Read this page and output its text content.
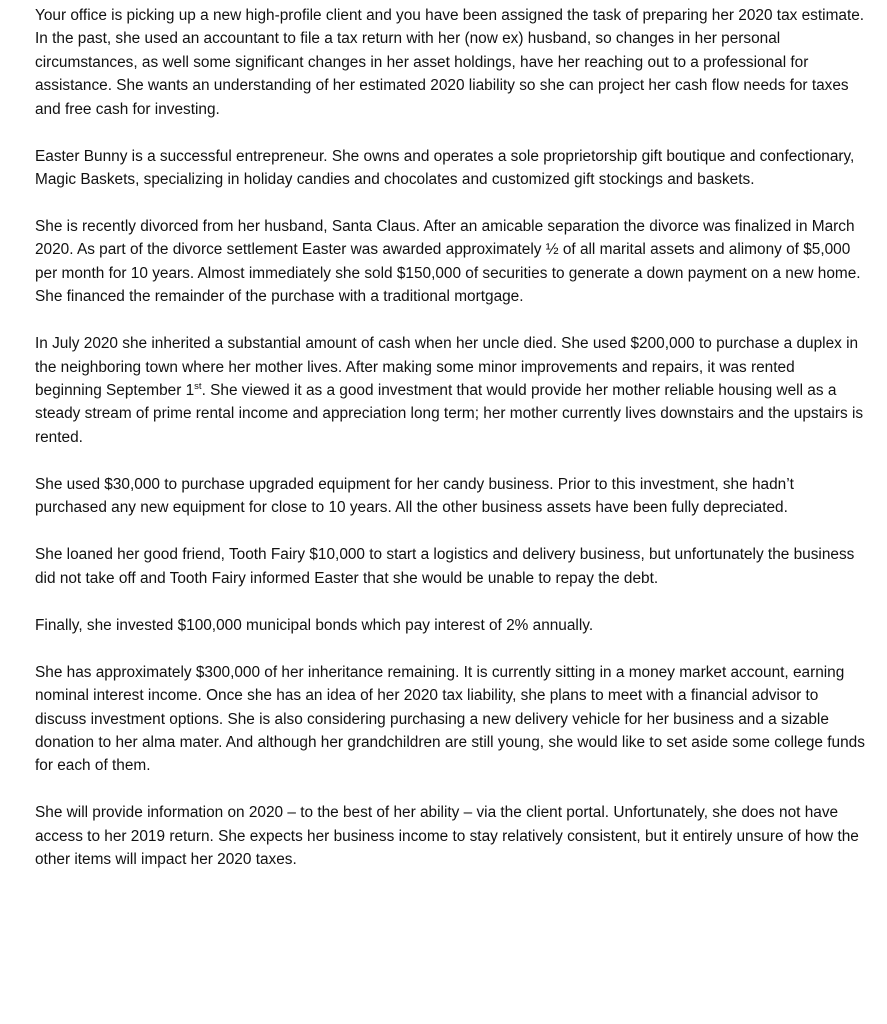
Your office is picking up a new high-profile client and you have been assigned the task of preparing her 2020 tax estimate. In the past, she used an accountant to file a tax return with her (now ex) husband, so changes in her personal circumstances, as well some significant changes in her asset holdings, have her reaching out to a professional for assistance. She wants an understanding of her estimated 2020 liability so she can project her cash flow needs for taxes and free cash for investing.

Easter Bunny is a successful entrepreneur. She owns and operates a sole proprietorship gift boutique and confectionary, Magic Baskets, specializing in holiday candies and chocolates and customized gift stockings and baskets.

She is recently divorced from her husband, Santa Claus. After an amicable separation the divorce was finalized in March 2020. As part of the divorce settlement Easter was awarded approximately ½ of all marital assets and alimony of $5,000 per month for 10 years. Almost immediately she sold $150,000 of securities to generate a down payment on a new home. She financed the remainder of the purchase with a traditional mortgage.

In July 2020 she inherited a substantial amount of cash when her uncle died. She used $200,000 to purchase a duplex in the neighboring town where her mother lives. After making some minor improvements and repairs, it was rented beginning September 1st. She viewed it as a good investment that would provide her mother reliable housing well as a steady stream of prime rental income and appreciation long term; her mother currently lives downstairs and the upstairs is rented.

She used $30,000 to purchase upgraded equipment for her candy business. Prior to this investment, she hadn’t purchased any new equipment for close to 10 years. All the other business assets have been fully depreciated.

She loaned her good friend, Tooth Fairy $10,000 to start a logistics and delivery business, but unfortunately the business did not take off and Tooth Fairy informed Easter that she would be unable to repay the debt.

Finally, she invested $100,000 municipal bonds which pay interest of 2% annually.

She has approximately $300,000 of her inheritance remaining. It is currently sitting in a money market account, earning nominal interest income. Once she has an idea of her 2020 tax liability, she plans to meet with a financial advisor to discuss investment options. She is also considering purchasing a new delivery vehicle for her business and a sizable donation to her alma mater. And although her grandchildren are still young, she would like to set aside some college funds for each of them.

She will provide information on 2020 – to the best of her ability – via the client portal. Unfortunately, she does not have access to her 2019 return. She expects her business income to stay relatively consistent, but it entirely unsure of how the other items will impact her 2020 taxes.
